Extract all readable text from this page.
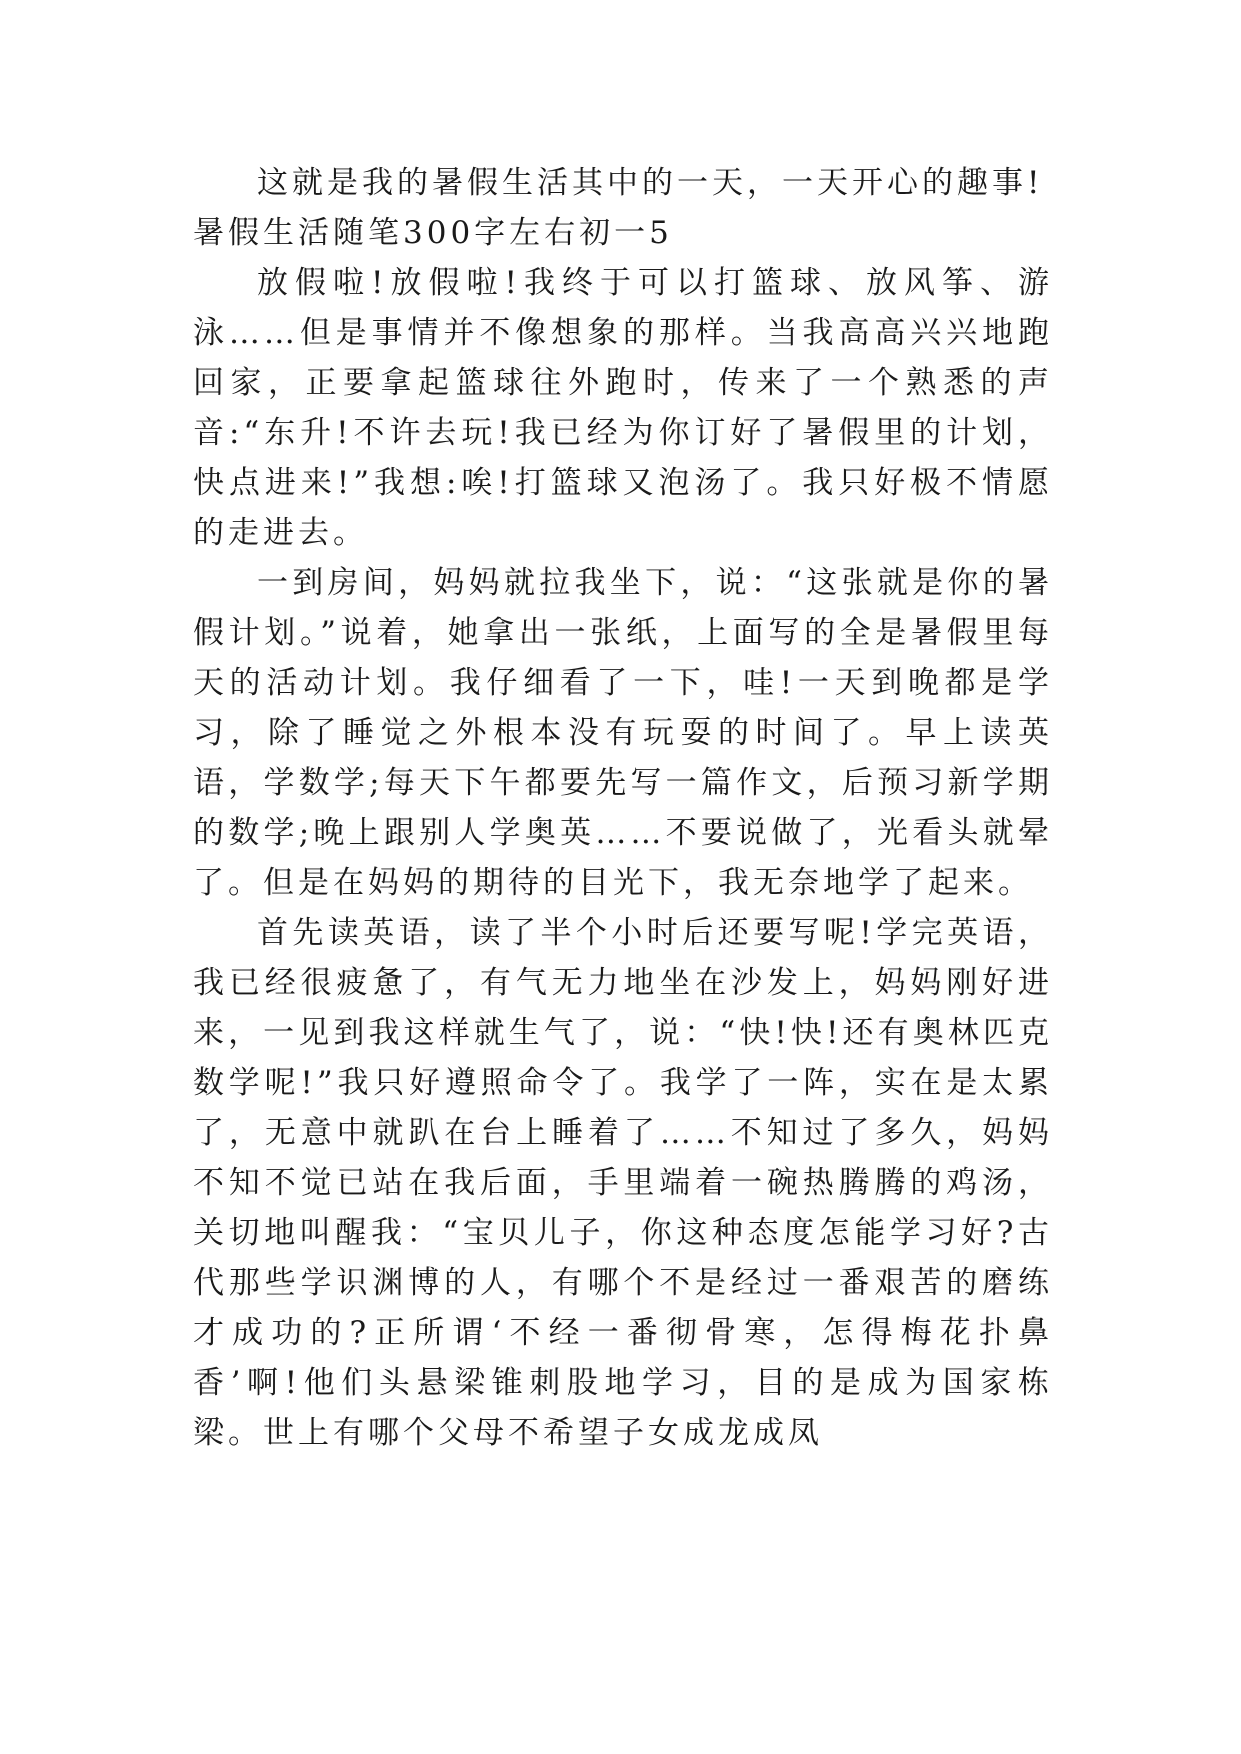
这就是我的暑假生活其中的一天，一天开心的趣事!

暑假生活随笔300字左右初一5

放假啦!放假啦!我终于可以打篮球、放风筝、游泳……但是事情并不像想象的那样。当我高高兴兴地跑回家，正要拿起篮球往外跑时，传来了一个熟悉的声音:“东升!不许去玩!我已经为你订好了暑假里的计划，快点进来!”我想:唉!打篮球又泡汤了。我只好极不情愿的走进去。

一到房间，妈妈就拉我坐下，说：“这张就是你的暑假计划。”说着，她拿出一张纸，上面写的全是暑假里每天的活动计划。我仔细看了一下，哇!一天到晚都是学习，除了睡觉之外根本没有玩耍的时间了。早上读英语，学数学;每天下午都要先写一篇作文，后预习新学期的数学;晚上跟别人学奥英……不要说做了，光看头就晕了。但是在妈妈的期待的目光下，我无奈地学了起来。

首先读英语，读了半个小时后还要写呢!学完英语，我已经很疲惫了，有气无力地坐在沙发上，妈妈刚好进来，一见到我这样就生气了，说：“快!快!还有奥林匹克数学呢!”我只好遵照命令了。我学了一阵，实在是太累了，无意中就趴在台上睡着了……不知过了多久，妈妈不知不觉已站在我后面，手里端着一碗热腾腾的鸡汤，关切地叫醒我：“宝贝儿子，你这种态度怎能学习好?古代那些学识渊博的人，有哪个不是经过一番艰苦的磨练才成功的?正所谓‘不经一番彻骨寒，怎得梅花扑鼻香’啊!他们头悬梁锥刺股地学习，目的是成为国家栋梁。世上有哪个父母不希望子女成龙成凤
